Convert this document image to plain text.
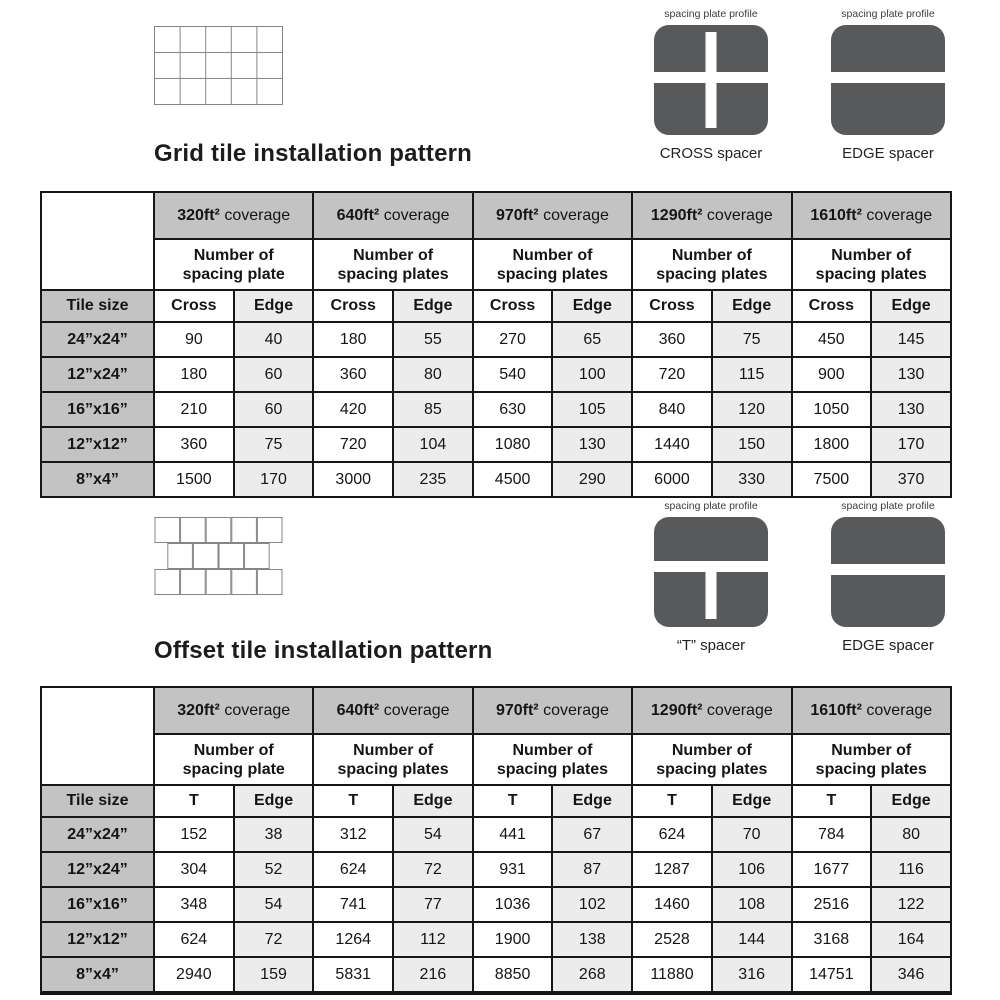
Grid tile installation pattern
spacing plate profile
CROSS spacer
spacing plate profile
EDGE spacer
	320ft² coverage		640ft² coverage		970ft² coverage		1290ft² coverage		1610ft² coverage	

Number of
spacing plate

Number of
spacing plates

Number of
spacing plates

Number of
spacing plates

Number of
spacing plates

Tile size	Cross	Edge	Cross	Edge	Cross	Edge	Cross	Edge	Cross	Edge
24”x24”	90	40	180	55	270	65	360	75	450	145
12”x24”	180	60	360	80	540	100	720	115	900	130
16”x16”	210	60	420	85	630	105	840	120	1050	130
12”x12”	360	75	720	104	1080	130	1440	150	1800	170
8”x4”	1500	170	3000	235	4500	290	6000	330	7500	370
Offset tile installation pattern
spacing plate profile
“T” spacer
spacing plate profile
EDGE spacer
	320ft² coverage		640ft² coverage		970ft² coverage		1290ft² coverage		1610ft² coverage	

Number of
spacing plate

Number of
spacing plates

Number of
spacing plates

Number of
spacing plates

Number of
spacing plates

Tile size	T	Edge	T	Edge	T	Edge	T	Edge	T	Edge
24”x24”	152	38	312	54	441	67	624	70	784	80
12”x24”	304	52	624	72	931	87	1287	106	1677	116
16”x16”	348	54	741	77	1036	102	1460	108	2516	122
12”x12”	624	72	1264	112	1900	138	2528	144	3168	164
8”x4”	2940	159	5831	216	8850	268	11880	316	14751	346
